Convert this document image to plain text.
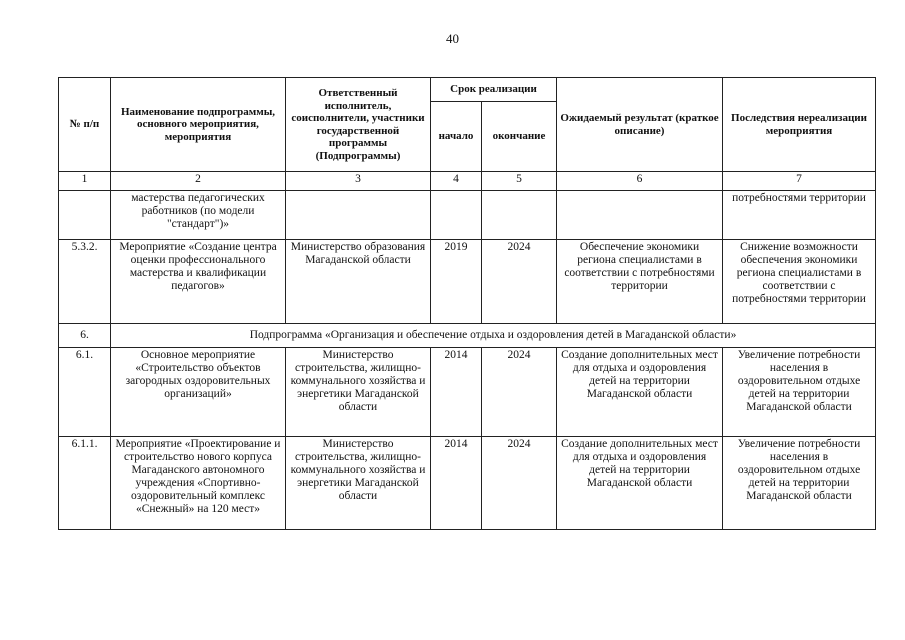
40
№ п/п	Наименование подпрограммы, основного мероприятия, мероприятия	Ответственный исполнитель, соисполнители, участники государственной программы (Подпрограммы)	Срок реализации		Ожидаемый результат (краткое описание)	Последствия нереализации мероприятия
			начало	окончание		
1	2	3	4	5	6	7
	мастерства педагогических работников (по модели "стандарт")»					потребностями территории
5.3.2.	Мероприятие «Создание центра оценки профессионального мастерства и квалификации педагогов»	Министерство образования Магаданской области	2019	2024	Обеспечение экономики региона специалистами в соответствии с потребностями территории	Снижение возможности обеспечения экономики региона специалистами в соответствии с потребностями территории
6.	Подпрограмма «Организация и обеспечение отдыха и оздоровления детей в Магаданской области»					
6.1.	Основное мероприятие «Строительство объектов загородных оздоровительных организаций»	Министерство строительства, жилищно-коммунального хозяйства и энергетики Магаданской области	2014	2024	Создание дополнительных мест для отдыха и оздоровления детей на территории Магаданской области	Увеличение потребности населения в оздоровительном отдыхе детей на территории Магаданской области
6.1.1.	Мероприятие «Проектирование и строительство нового корпуса Магаданского автономного учреждения «Спортивно-оздоровительный комплекс «Снежный» на 120 мест»	Министерство строительства, жилищно-коммунального хозяйства и энергетики Магаданской области	2014	2024	Создание дополнительных мест для отдыха и оздоровления детей на территории Магаданской области	Увеличение потребности населения в оздоровительном отдыхе детей на территории Магаданской области
